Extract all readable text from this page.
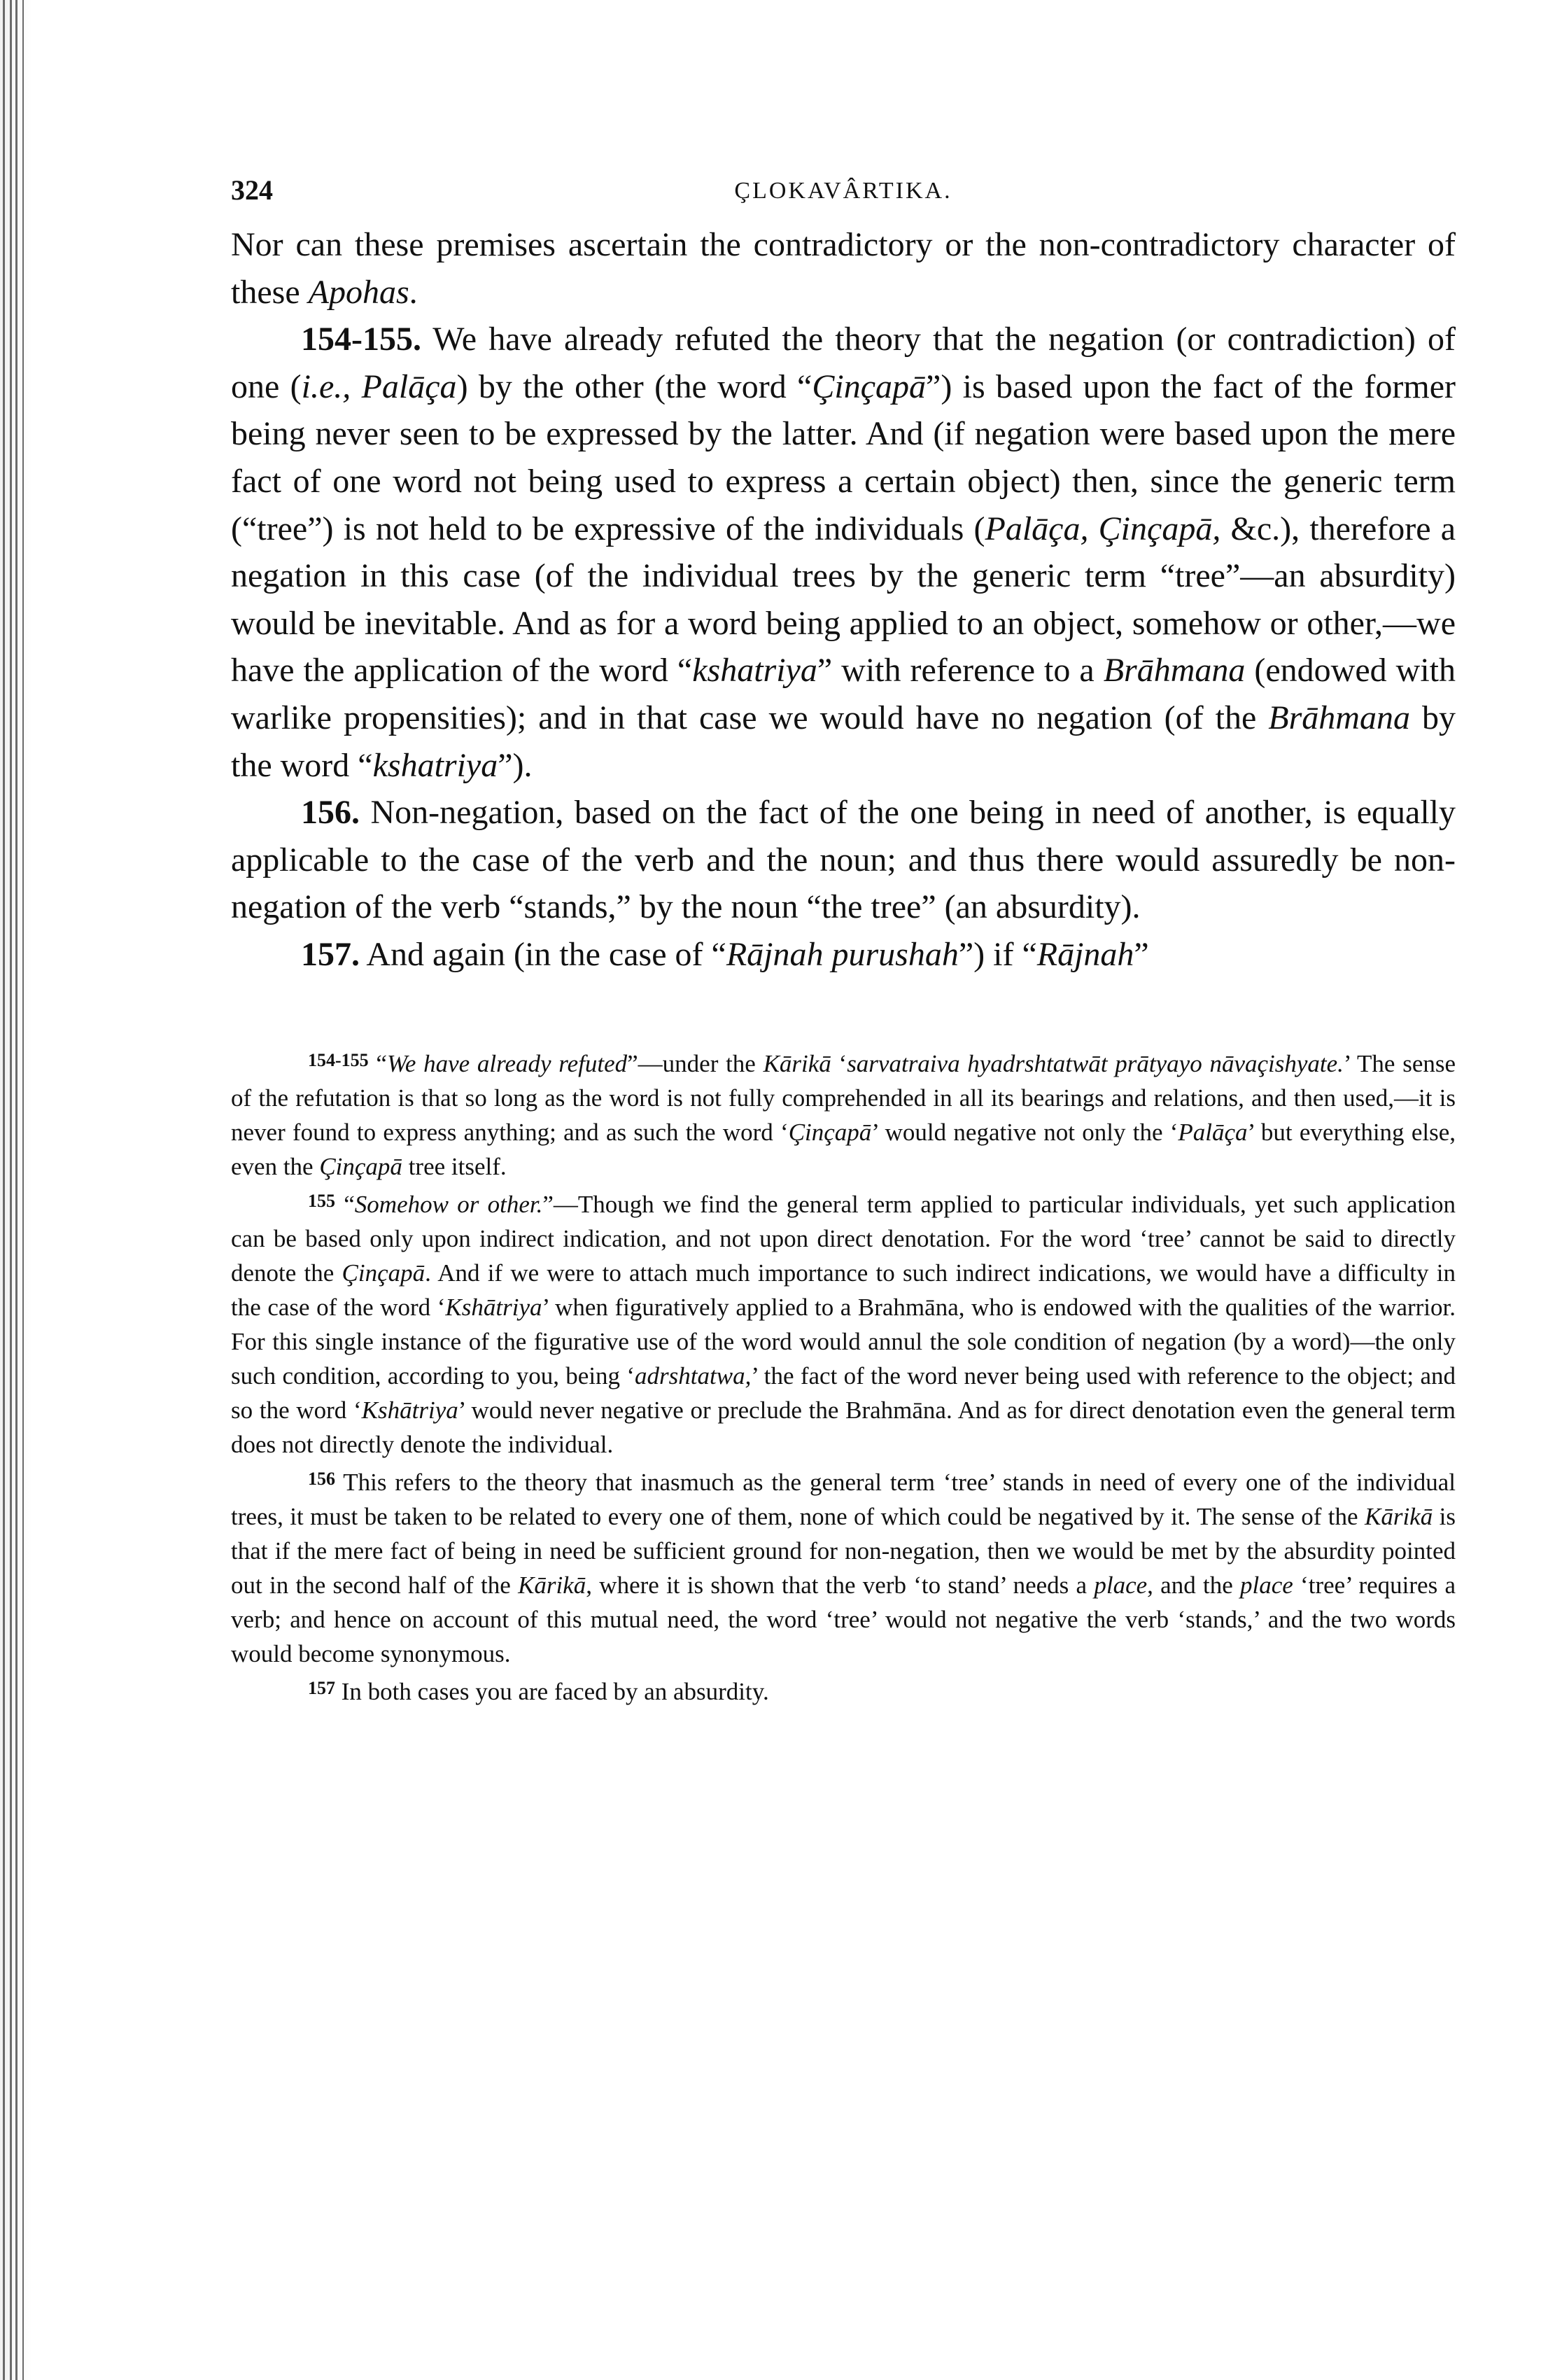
324	ÇLOKAVÂRTIKA.

Nor can these premises ascertain the contradictory or the non-contradictory character of these Apohas.

154-155. We have already refuted the theory that the negation (or contradiction) of one (i.e., Palāça) by the other (the word “Çinçapā”) is based upon the fact of the former being never seen to be expressed by the latter. And (if negation were based upon the mere fact of one word not being used to express a certain object) then, since the generic term (“tree”) is not held to be expressive of the individuals (Palāça, Çinçapā, &c.), therefore a negation in this case (of the individual trees by the generic term “tree”—an absurdity) would be inevitable. And as for a word being applied to an object, somehow or other,—we have the application of the word “kshatriya” with reference to a Brāhmana (endowed with warlike propensities); and in that case we would have no negation (of the Brāhmana by the word “kshatriya”).

156. Non-negation, based on the fact of the one being in need of another, is equally applicable to the case of the verb and the noun; and thus there would assuredly be non-negation of the verb “stands,” by the noun “the tree” (an absurdity).

157. And again (in the case of “Rājnah purushah”) if “Rājnah”

$^{154-155}$ “We have already refuted”—under the Kārikā ‘sarvatraiva hyadrshtatwāt prātyayo nāvaçishyate.’ The sense of the refutation is that so long as the word is not fully comprehended in all its bearings and relations, and then used,—it is never found to express anything; and as such the word ‘Çinçapā’ would negative not only the ‘Palāça’ but everything else, even the Çinçapā tree itself.

$^{155}$ “Somehow or other.”—Though we find the general term applied to particular individuals, yet such application can be based only upon indirect indication, and not upon direct denotation. For the word ‘tree’ cannot be said to directly denote the Çinçapā. And if we were to attach much importance to such indirect indications, we would have a difficulty in the case of the word ‘Kshātriya’ when figuratively applied to a Brahmāna, who is endowed with the qualities of the warrior. For this single instance of the figurative use of the word would annul the sole condition of negation (by a word)—the only such condition, according to you, being ‘adrshtatwa,’ the fact of the word never being used with reference to the object; and so the word ‘Kshātriya’ would never negative or preclude the Brahmāna. And as for direct denotation even the general term does not directly denote the individual.

$^{156}$ This refers to the theory that inasmuch as the general term ‘tree’ stands in need of every one of the individual trees, it must be taken to be related to every one of them, none of which could be negatived by it. The sense of the Kārikā is that if the mere fact of being in need be sufficient ground for non-negation, then we would be met by the absurdity pointed out in the second half of the Kārikā, where it is shown that the verb ‘to stand’ needs a place, and the place ‘tree’ requires a verb; and hence on account of this mutual need, the word ‘tree’ would not negative the verb ‘stands,’ and the two words would become synonymous.

$^{157}$ In both cases you are faced by an absurdity.
